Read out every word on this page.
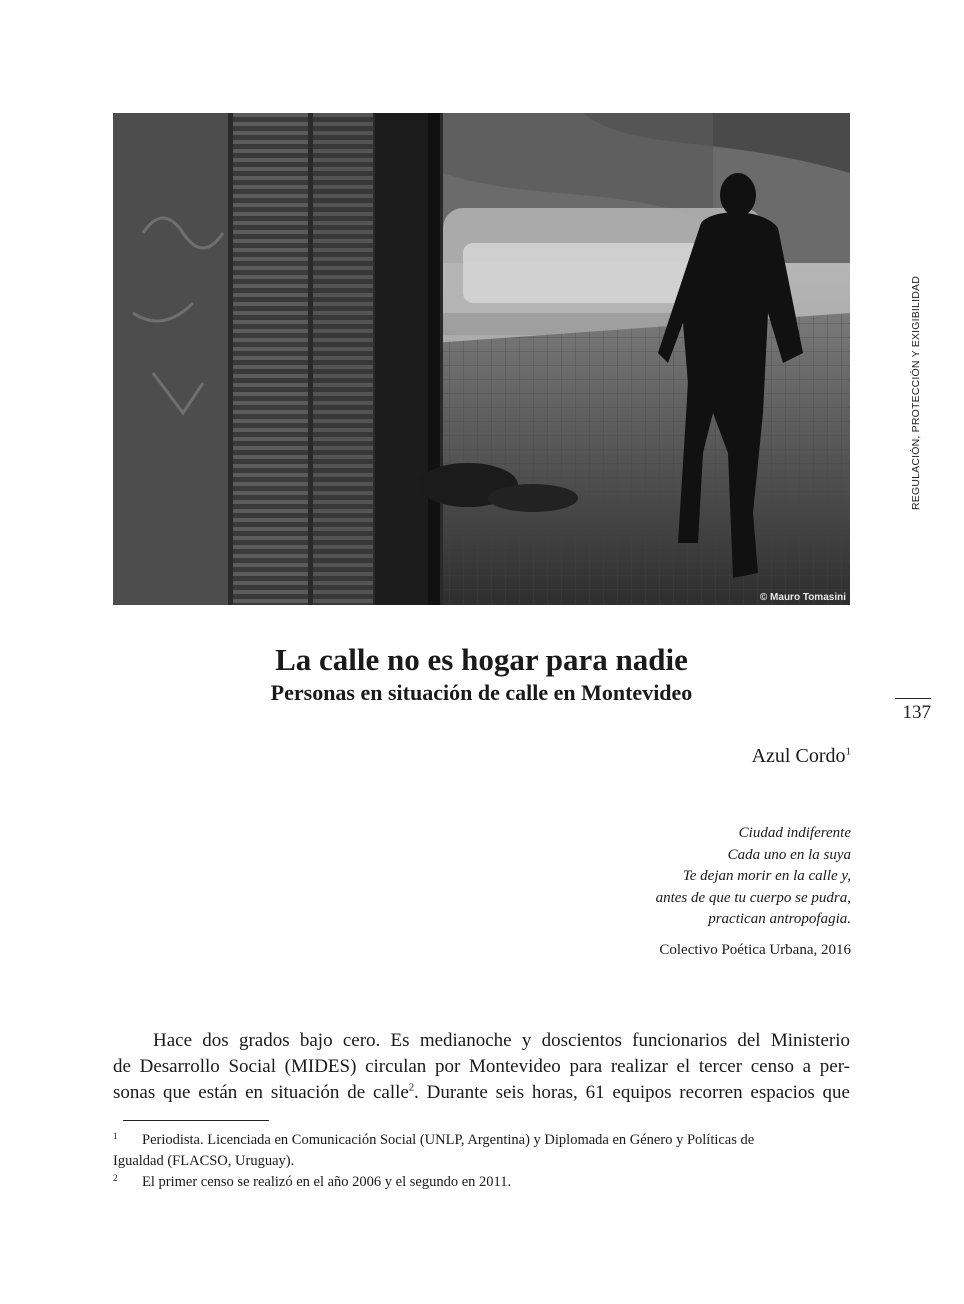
© Mauro Tomasini
REGULACIÓN, PROTECCIÓN Y EXIGIBILIDAD
137
La calle no es hogar para nadie
Personas en situación de calle en Montevideo
Azul Cordo$^1$
Ciudad indiferente
Cada uno en la suya
Te dejan morir en la calle y,
antes de que tu cuerpo se pudra,
practican antropofagia.
Colectivo Poética Urbana, 2016
Hace dos grados bajo cero. Es medianoche y doscientos funcionarios del Ministerio
de Desarrollo Social (MIDES) circulan por Montevideo para realizar el tercer censo a per-
sonas que están en situación de calle$^2$. Durante seis horas, 61 equipos recorren espacios que
1 Periodista. Licenciada en Comunicación Social (UNLP, Argentina) y Diplomada en Género y Políticas de
Igualdad (FLACSO, Uruguay).
2 El primer censo se realizó en el año 2006 y el segundo en 2011.
